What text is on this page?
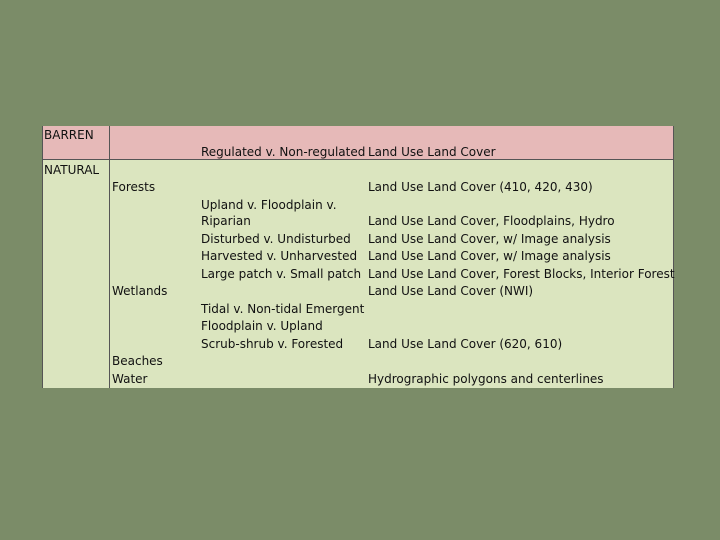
BARREN
Regulated v. Non-regulated Land Use Land Cover
NATURAL
Forests
Wetlands
Beaches
Water
Upland v. Floodplain v.
Riparian
Disturbed v. Undisturbed
Harvested v. Unharvested
Large patch v. Small patch
Tidal v. Non-tidal Emergent
Floodplain v. Upland
Scrub-shrub v. Forested
Land Use Land Cover (410, 420, 430)
Land Use Land Cover, Floodplains, Hydro
Land Use Land Cover, w/ Image analysis
Land Use Land Cover, w/ Image analysis
Land Use Land Cover, Forest Blocks, Interior Forest
Land Use Land Cover (NWI)
Land Use Land Cover (620, 610)
Hydrographic polygons and centerlines
